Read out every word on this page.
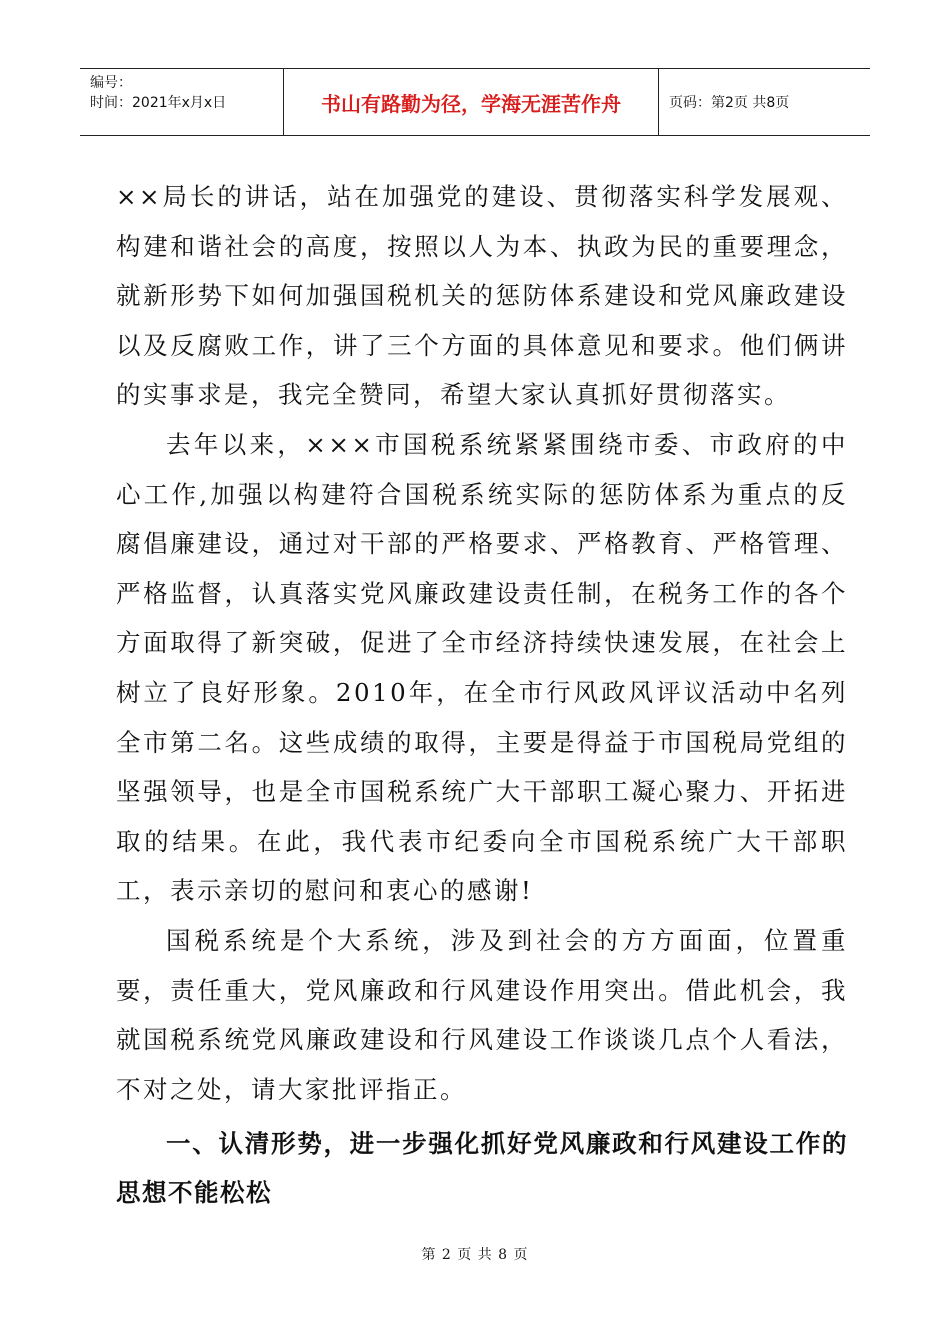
编号：
时间：2021年x月x日	书山有路勤为径，学海无涯苦作舟	页码：第2页 共8页

××局长的讲话，站在加强党的建设、贯彻落实科学发展观、构建和谐社会的高度，按照以人为本、执政为民的重要理念，就新形势下如何加强国税机关的惩防体系建设和党风廉政建设以及反腐败工作，讲了三个方面的具体意见和要求。他们俩讲的实事求是，我完全赞同，希望大家认真抓好贯彻落实。

去年以来，×××市国税系统紧紧围绕市委、市政府的中心工作,加强以构建符合国税系统实际的惩防体系为重点的反腐倡廉建设，通过对干部的严格要求、严格教育、严格管理、严格监督，认真落实党风廉政建设责任制，在税务工作的各个方面取得了新突破，促进了全市经济持续快速发展，在社会上树立了良好形象。2010年，在全市行风政风评议活动中名列全市第二名。这些成绩的取得，主要是得益于市国税局党组的坚强领导，也是全市国税系统广大干部职工凝心聚力、开拓进取的结果。在此，我代表市纪委向全市国税系统广大干部职工，表示亲切的慰问和衷心的感谢!

国税系统是个大系统，涉及到社会的方方面面，位置重要，责任重大，党风廉政和行风建设作用突出。借此机会，我就国税系统党风廉政建设和行风建设工作谈谈几点个人看法，不对之处，请大家批评指正。

一、认清形势，进一步强化抓好党风廉政和行风建设工作的思想不能松松

第 2 页 共 8 页
